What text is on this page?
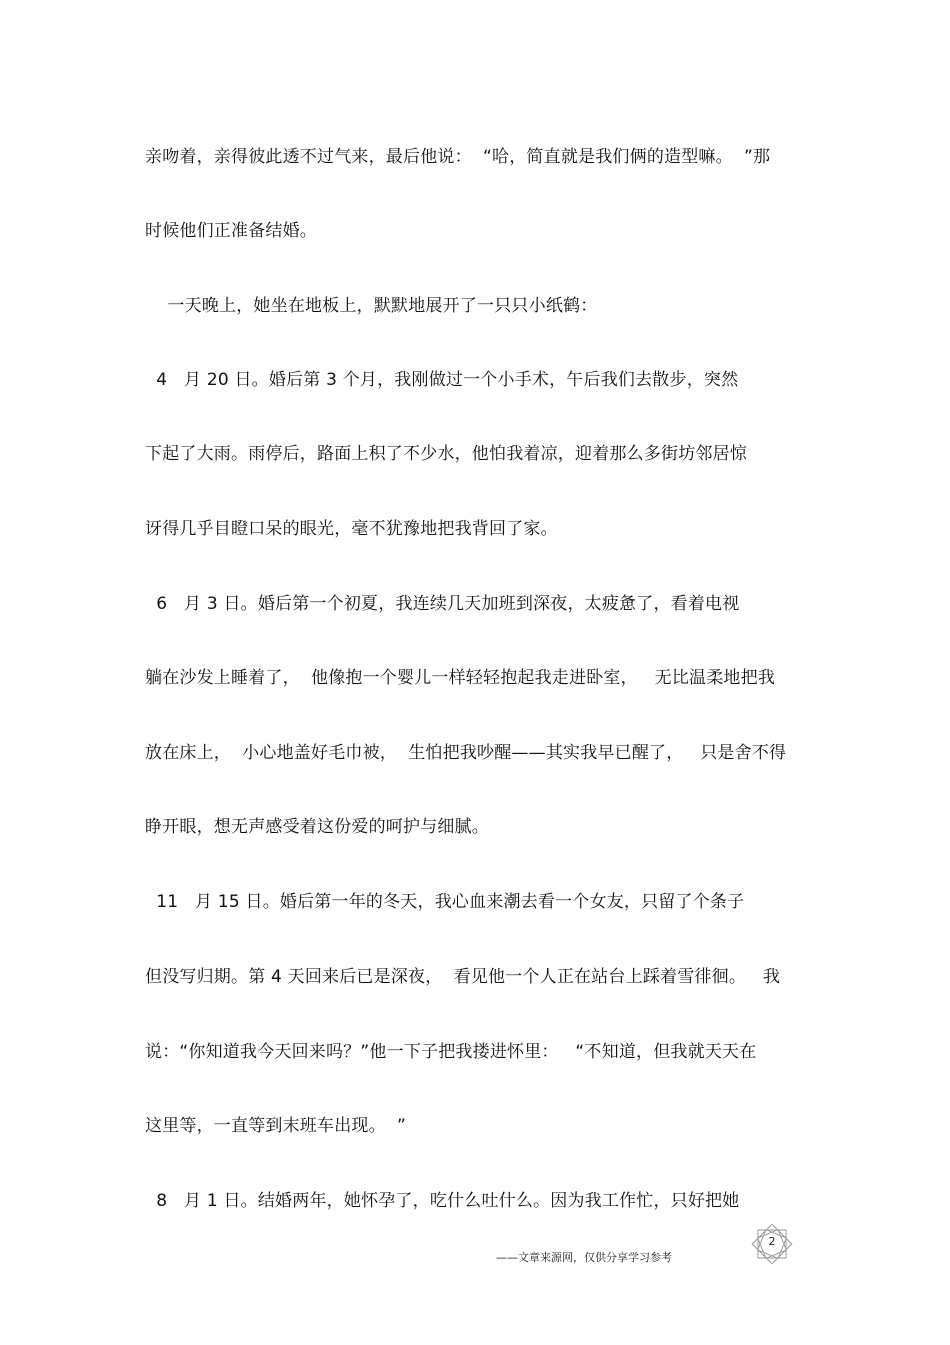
亲吻着，亲得彼此透不过气来，最后他说：  “哈，简直就是我们俩的造型嘛。  ”那
时候他们正准备结婚。
一天晚上，她坐在地板上，默默地展开了一只只小纸鹤：
4   月 20 日。婚后第 3 个月，我刚做过一个小手术，午后我们去散步，突然
下起了大雨。雨停后，路面上积了不少水，他怕我着凉，迎着那么多街坊邻居惊
讶得几乎目瞪口呆的眼光，毫不犹豫地把我背回了家。
6   月 3 日。婚后第一个初夏，我连续几天加班到深夜，太疲惫了，看着电视
躺在沙发上睡着了，  他像抱一个婴儿一样轻轻抱起我走进卧室，   无比温柔地把我
放在床上，  小心地盖好毛巾被，  生怕把我吵醒——其实我早已醒了，   只是舍不得
睁开眼，想无声感受着这份爱的呵护与细腻。
11   月 15 日。婚后第一年的冬天，我心血来潮去看一个女友，只留了个条子
但没写归期。第 4 天回来后已是深夜，  看见他一个人正在站台上踩着雪徘徊。   我
说：“你知道我今天回来吗？”他一下子把我搂进怀里：   “不知道，但我就天天在
这里等，一直等到末班车出现。  ”
8   月 1 日。结婚两年，她怀孕了，吃什么吐什么。因为我工作忙，只好把她
——文章来源网，仅供分享学习参考
2
